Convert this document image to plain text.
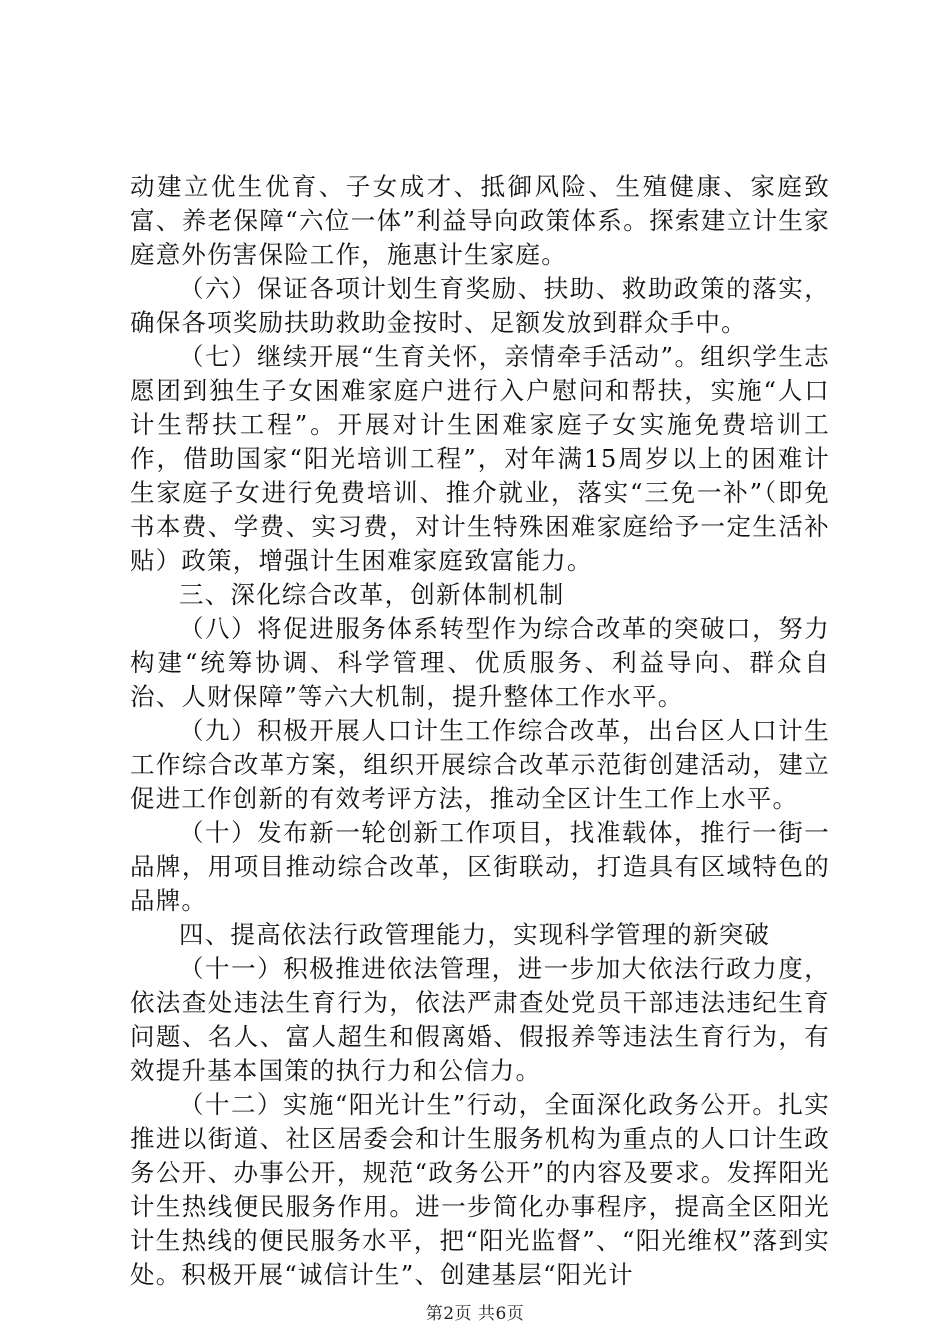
动建立优生优育、子女成才、抵御风险、生殖健康、家庭致富、养老保障“六位一体”利益导向政策体系。探索建立计生家庭意外伤害保险工作，施惠计生家庭。

（六）保证各项计划生育奖励、扶助、救助政策的落实，确保各项奖励扶助救助金按时、足额发放到群众手中。

（七）继续开展“生育关怀，亲情牵手活动”。组织学生志愿团到独生子女困难家庭户进行入户慰问和帮扶，实施“人口计生帮扶工程”。开展对计生困难家庭子女实施免费培训工作，借助国家“阳光培训工程”，对年满15周岁以上的困难计生家庭子女进行免费培训、推介就业，落实“三免一补”（即免书本费、学费、实习费，对计生特殊困难家庭给予一定生活补贴）政策，增强计生困难家庭致富能力。

三、深化综合改革，创新体制机制

（八）将促进服务体系转型作为综合改革的突破口，努力构建“统筹协调、科学管理、优质服务、利益导向、群众自治、人财保障”等六大机制，提升整体工作水平。

（九）积极开展人口计生工作综合改革，出台区人口计生工作综合改革方案，组织开展综合改革示范街创建活动，建立促进工作创新的有效考评方法，推动全区计生工作上水平。

（十）发布新一轮创新工作项目，找准载体，推行一街一品牌，用项目推动综合改革，区街联动，打造具有区域特色的品牌。

四、提高依法行政管理能力，实现科学管理的新突破

（十一）积极推进依法管理，进一步加大依法行政力度，依法查处违法生育行为，依法严肃查处党员干部违法违纪生育问题、名人、富人超生和假离婚、假报养等违法生育行为，有效提升基本国策的执行力和公信力。

（十二）实施“阳光计生”行动，全面深化政务公开。扎实推进以街道、社区居委会和计生服务机构为重点的人口计生政务公开、办事公开，规范“政务公开”的内容及要求。发挥阳光计生热线便民服务作用。进一步简化办事程序，提高全区阳光计生热线的便民服务水平，把“阳光监督”、“阳光维权”落到实处。积极开展“诚信计生”、创建基层“阳光计

第2页 共6页
